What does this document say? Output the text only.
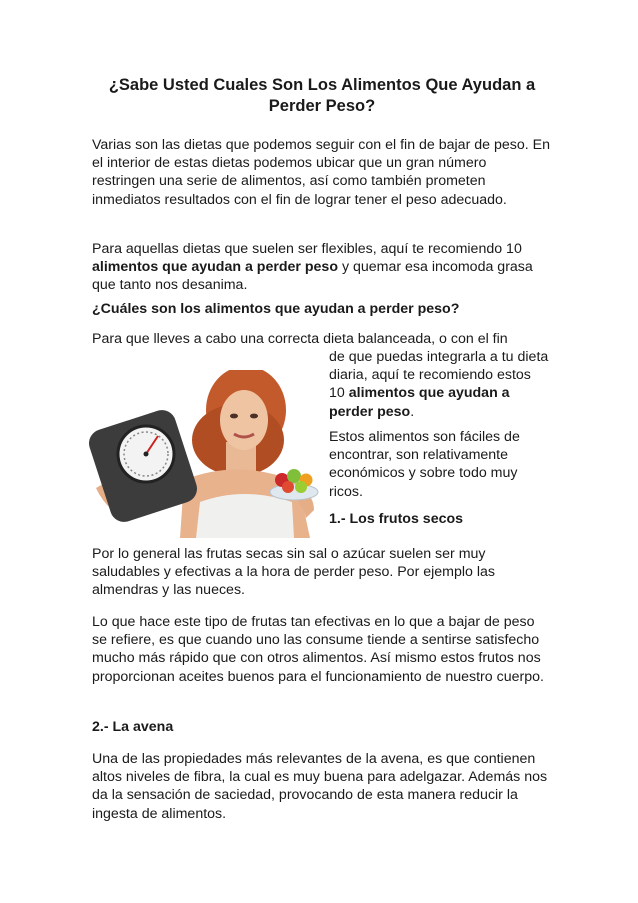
¿Sabe Usted Cuales Son Los Alimentos Que Ayudan a
Perder Peso?

Varias son las dietas que podemos seguir con el fin de bajar de peso. En el interior de estas dietas podemos ubicar que un gran número restringen una serie de alimentos, así como también prometen inmediatos resultados con el fin de lograr tener el peso adecuado.

Para aquellas dietas que suelen ser flexibles, aquí te recomiendo 10 alimentos que ayudan a perder peso y quemar esa incomoda grasa que tanto nos desanima.

¿Cuáles son los alimentos que ayudan a perder peso?

Para que lleves a cabo una correcta dieta balanceada, o con el fin

de que puedas integrarla a tu dieta diaria, aquí te recomiendo estos 10 alimentos que ayudan a perder peso.
Estos alimentos son fáciles de encontrar, son relativamente económicos y sobre todo muy ricos.
1.- Los frutos secos

Por lo general las frutas secas sin sal o azúcar suelen ser muy saludables y efectivas a la hora de perder peso. Por ejemplo las almendras y las nueces.

Lo que hace este tipo de frutas tan efectivas en lo que a bajar de peso se refiere, es que cuando uno las consume tiende a sentirse satisfecho mucho más rápido que con otros alimentos. Así mismo estos frutos nos proporcionan aceites buenos para el funcionamiento de nuestro cuerpo.

2.- La avena

Una de las propiedades más relevantes de la avena, es que contienen altos niveles de fibra, la cual es muy buena para adelgazar. Además nos da la sensación de saciedad, provocando de esta manera reducir la ingesta de alimentos.
